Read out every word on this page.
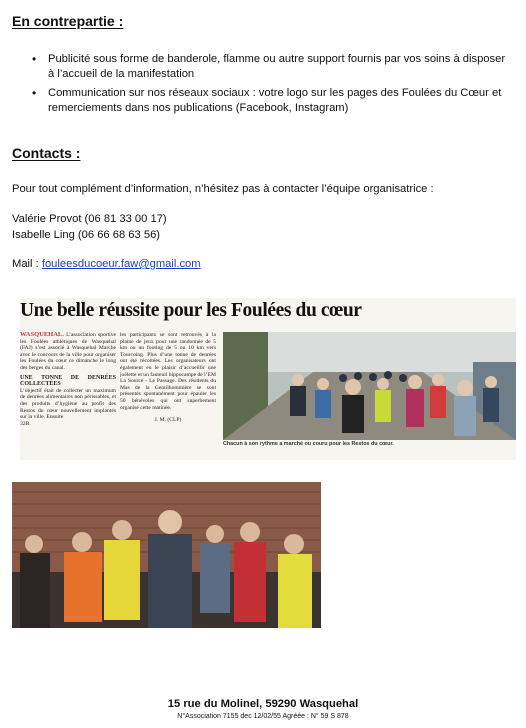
En contrepartie :
• Publicité sous forme de banderole, flamme ou autre support fournis par vos soins à disposer à l’accueil de la manifestation
• Communication sur nos réseaux sociaux : votre logo sur les pages des Foulées du Cœur et remerciements dans nos publications (Facebook, Instagram)
Contacts :
Pour tout complément d’information, n’hésitez pas à contacter l’équipe organisatrice :
Valérie Provot (06 81 33 00 17)
Isabelle Ling (06 66 68 63 56)
Mail : fouleesducoeur.faw@gmail.com
Une belle réussite pour les Foulées du cœur
WASQUEHAL. L’association sportive les Foulées athlétiques de Wasquehal (FAJ) s’est associé à Wasquehal Marche avec le concours de la ville pour organiser les Foulées du cœur ce dimanche le long des berges du canal.
UNE TONNE DE DENRÉES COLLECTÉES
L’objectif était de collecter un maximum de denrées alimentaires non périssables, et des produits d’hygiène au profit des Restos du cœur nouvellement implantés sur la ville. Ensuite
32B.
les participants se sont retrouvés à la plaine de jeux pour une randonnée de 5 km ou un footing de 5 ou 10 km vers Tourcoing. Plus d’une tonne de denrées ont été récoltées. Les organisateurs ont également eu le plaisir d’accueillir une joëlette et un fauteuil hippocampe de l’EM La Source - Le Passage. Des résidents du Mas de la Gentilhommière se sont présentés spontanément pour épauler les 50 bénévoles qui ont superbement organisé cette matinée.
J. M. (CLP)
Chacun à son rythme a marché ou couru pour les Restos du cœur.
15 rue du Molinel, 59290 Wasquehal
N°Association 7155 dec 12/02/55 Agréée : N° 59 S 878
